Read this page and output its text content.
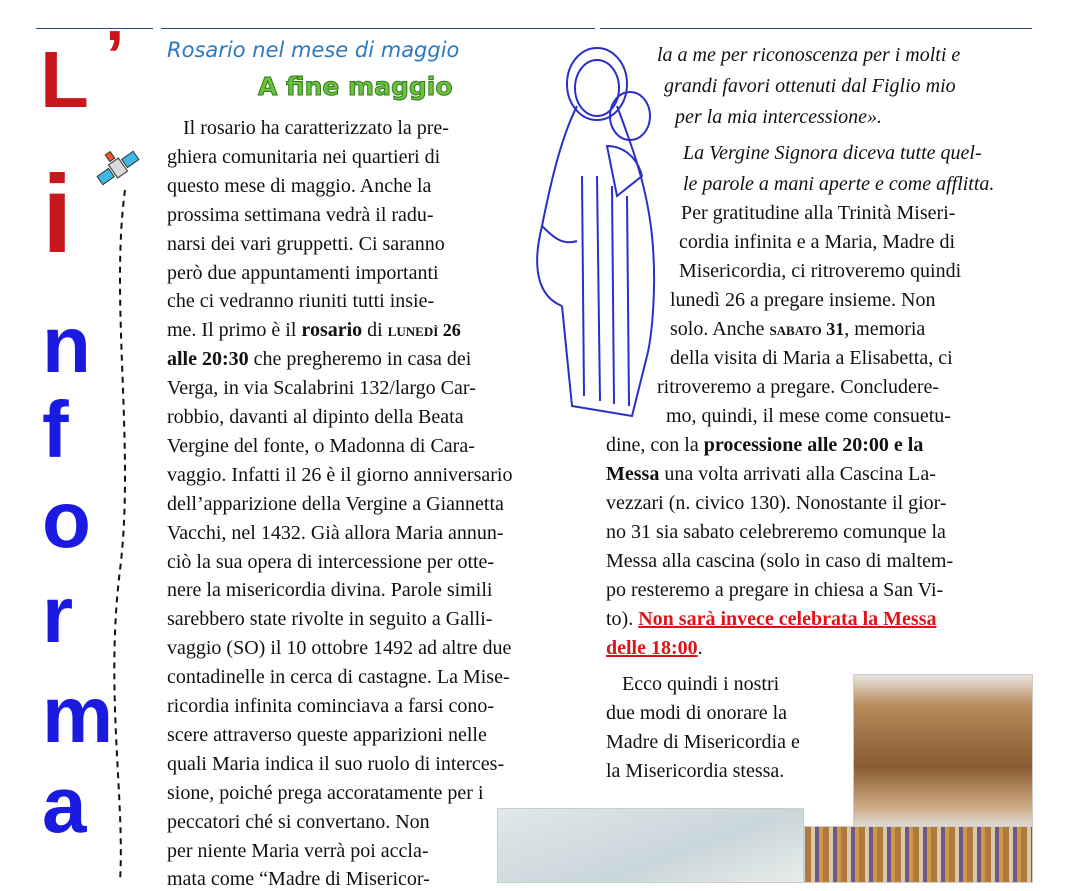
L ’
i
n
f
o
r
m
a
Rosario nel mese di maggio
A fine maggio
Il rosario ha caratterizzato la pre-
ghiera comunitaria nei quartieri di
questo mese di maggio. Anche la
prossima settimana vedrà il radu-
narsi dei vari gruppetti. Ci saranno
però due appuntamenti importanti
che ci vedranno riuniti tutti insie-
me. Il primo è il rosario di lunedì 26
alle 20:30 che pregheremo in casa dei
Verga, in via Scalabrini 132/largo Car-
robbio, davanti al dipinto della Beata
Vergine del fonte, o Madonna di Cara-
vaggio. Infatti il 26 è il giorno anniversario
dell’apparizione della Vergine a Giannetta
Vacchi, nel 1432. Già allora Maria annun-
ciò la sua opera di intercessione per otte-
nere la misericordia divina. Parole simili
sarebbero state rivolte in seguito a Galli-
vaggio (SO) il 10 ottobre 1492 ad altre due
contadinelle in cerca di castagne. La Mise-
ricordia infinita cominciava a farsi cono-
scere attraverso queste apparizioni nelle
quali Maria indica il suo ruolo di interces-
sione, poiché prega accoratamente per i
peccatori ché si convertano. Non
per niente Maria verrà poi accla-
mata come “Madre di Misericor-
la a me per riconoscenza per i molti e
grandi favori ottenuti dal Figlio mio
per la mia intercessione».
La Vergine Signora diceva tutte quel-
le parole a mani aperte e come afflitta.
Per gratitudine alla Trinità Miseri-
cordia infinita e a Maria, Madre di
Misericordia, ci ritroveremo quindi
lunedì 26 a pregare insieme. Non
solo. Anche sabato 31, memoria
della visita di Maria a Elisabetta, ci
ritroveremo a pregare. Concludere-
mo, quindi, il mese come consuetu-
dine, con la processione alle 20:00 e la
Messa una volta arrivati alla Cascina La-
vezzari (n. civico 130). Nonostante il gior-
no 31 sia sabato celebreremo comunque la
Messa alla cascina (solo in caso di maltem-
po resteremo a pregare in chiesa a San Vi-
to). Non sarà invece celebrata la Messa
delle 18:00.
Ecco quindi i nostri
due modi di onorare la
Madre di Misericordia e
la Misericordia stessa.
